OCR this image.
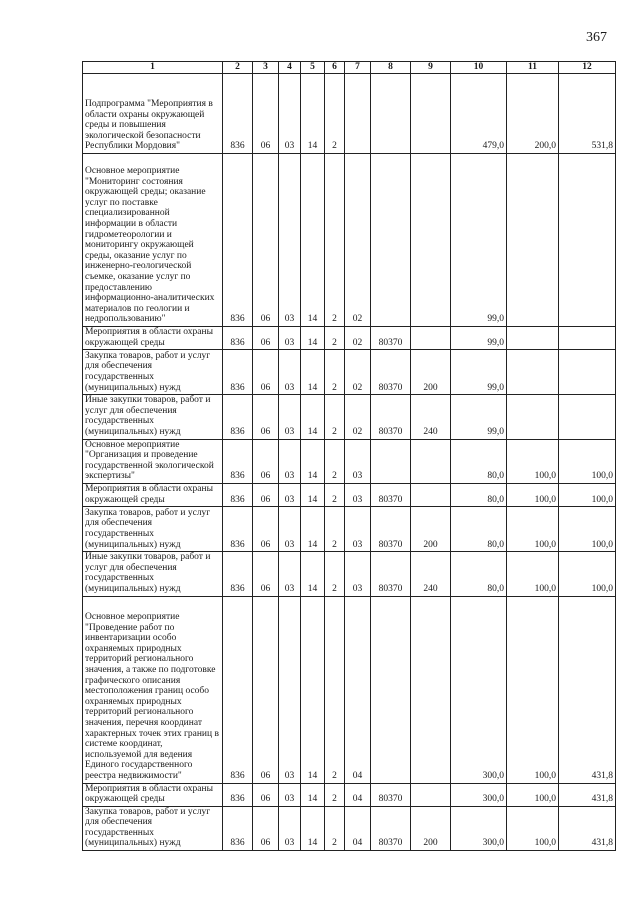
367
1	2	3	4	5	6	7	8	9	10	11	12
Подпрограмма "Мероприятия в области охраны окружающей среды и повышения экологической безопасности Республики Мордовия"	836	06	03	14	2				479,0	200,0	531,8
Основное мероприятие "Мониторинг состояния окружающей среды; оказание услуг по поставке специализированной информации в области гидрометеорологии и мониторингу окружающей среды, оказание услуг по инженерно-геологической съемке, оказание услуг по предоставлению информационно-аналитических материалов по геологии и недропользованию"	836	06	03	14	2	02			99,0		
Мероприятия в области охраны окружающей среды	836	06	03	14	2	02	80370		99,0		
Закупка товаров, работ и услуг для обеспечения государственных (муниципальных) нужд	836	06	03	14	2	02	80370	200	99,0		
Иные закупки товаров, работ и услуг для обеспечения государственных (муниципальных) нужд	836	06	03	14	2	02	80370	240	99,0		
Основное мероприятие "Организация и проведение государственной экологической экспертизы"	836	06	03	14	2	03			80,0	100,0	100,0
Мероприятия в области охраны окружающей среды	836	06	03	14	2	03	80370		80,0	100,0	100,0
Закупка товаров, работ и услуг для обеспечения государственных (муниципальных) нужд	836	06	03	14	2	03	80370	200	80,0	100,0	100,0
Иные закупки товаров, работ и услуг для обеспечения государственных (муниципальных) нужд	836	06	03	14	2	03	80370	240	80,0	100,0	100,0
Основное мероприятие "Проведение работ по инвентаризации особо охраняемых природных территорий регионального значения, а также по подготовке графического описания местоположения границ особо охраняемых природных территорий регионального значения, перечня координат характерных точек этих границ в системе координат, используемой для ведения Единого государственного реестра недвижимости"	836	06	03	14	2	04			300,0	100,0	431,8
Мероприятия в области охраны окружающей среды	836	06	03	14	2	04	80370		300,0	100,0	431,8
Закупка товаров, работ и услуг для обеспечения государственных (муниципальных) нужд	836	06	03	14	2	04	80370	200	300,0	100,0	431,8
